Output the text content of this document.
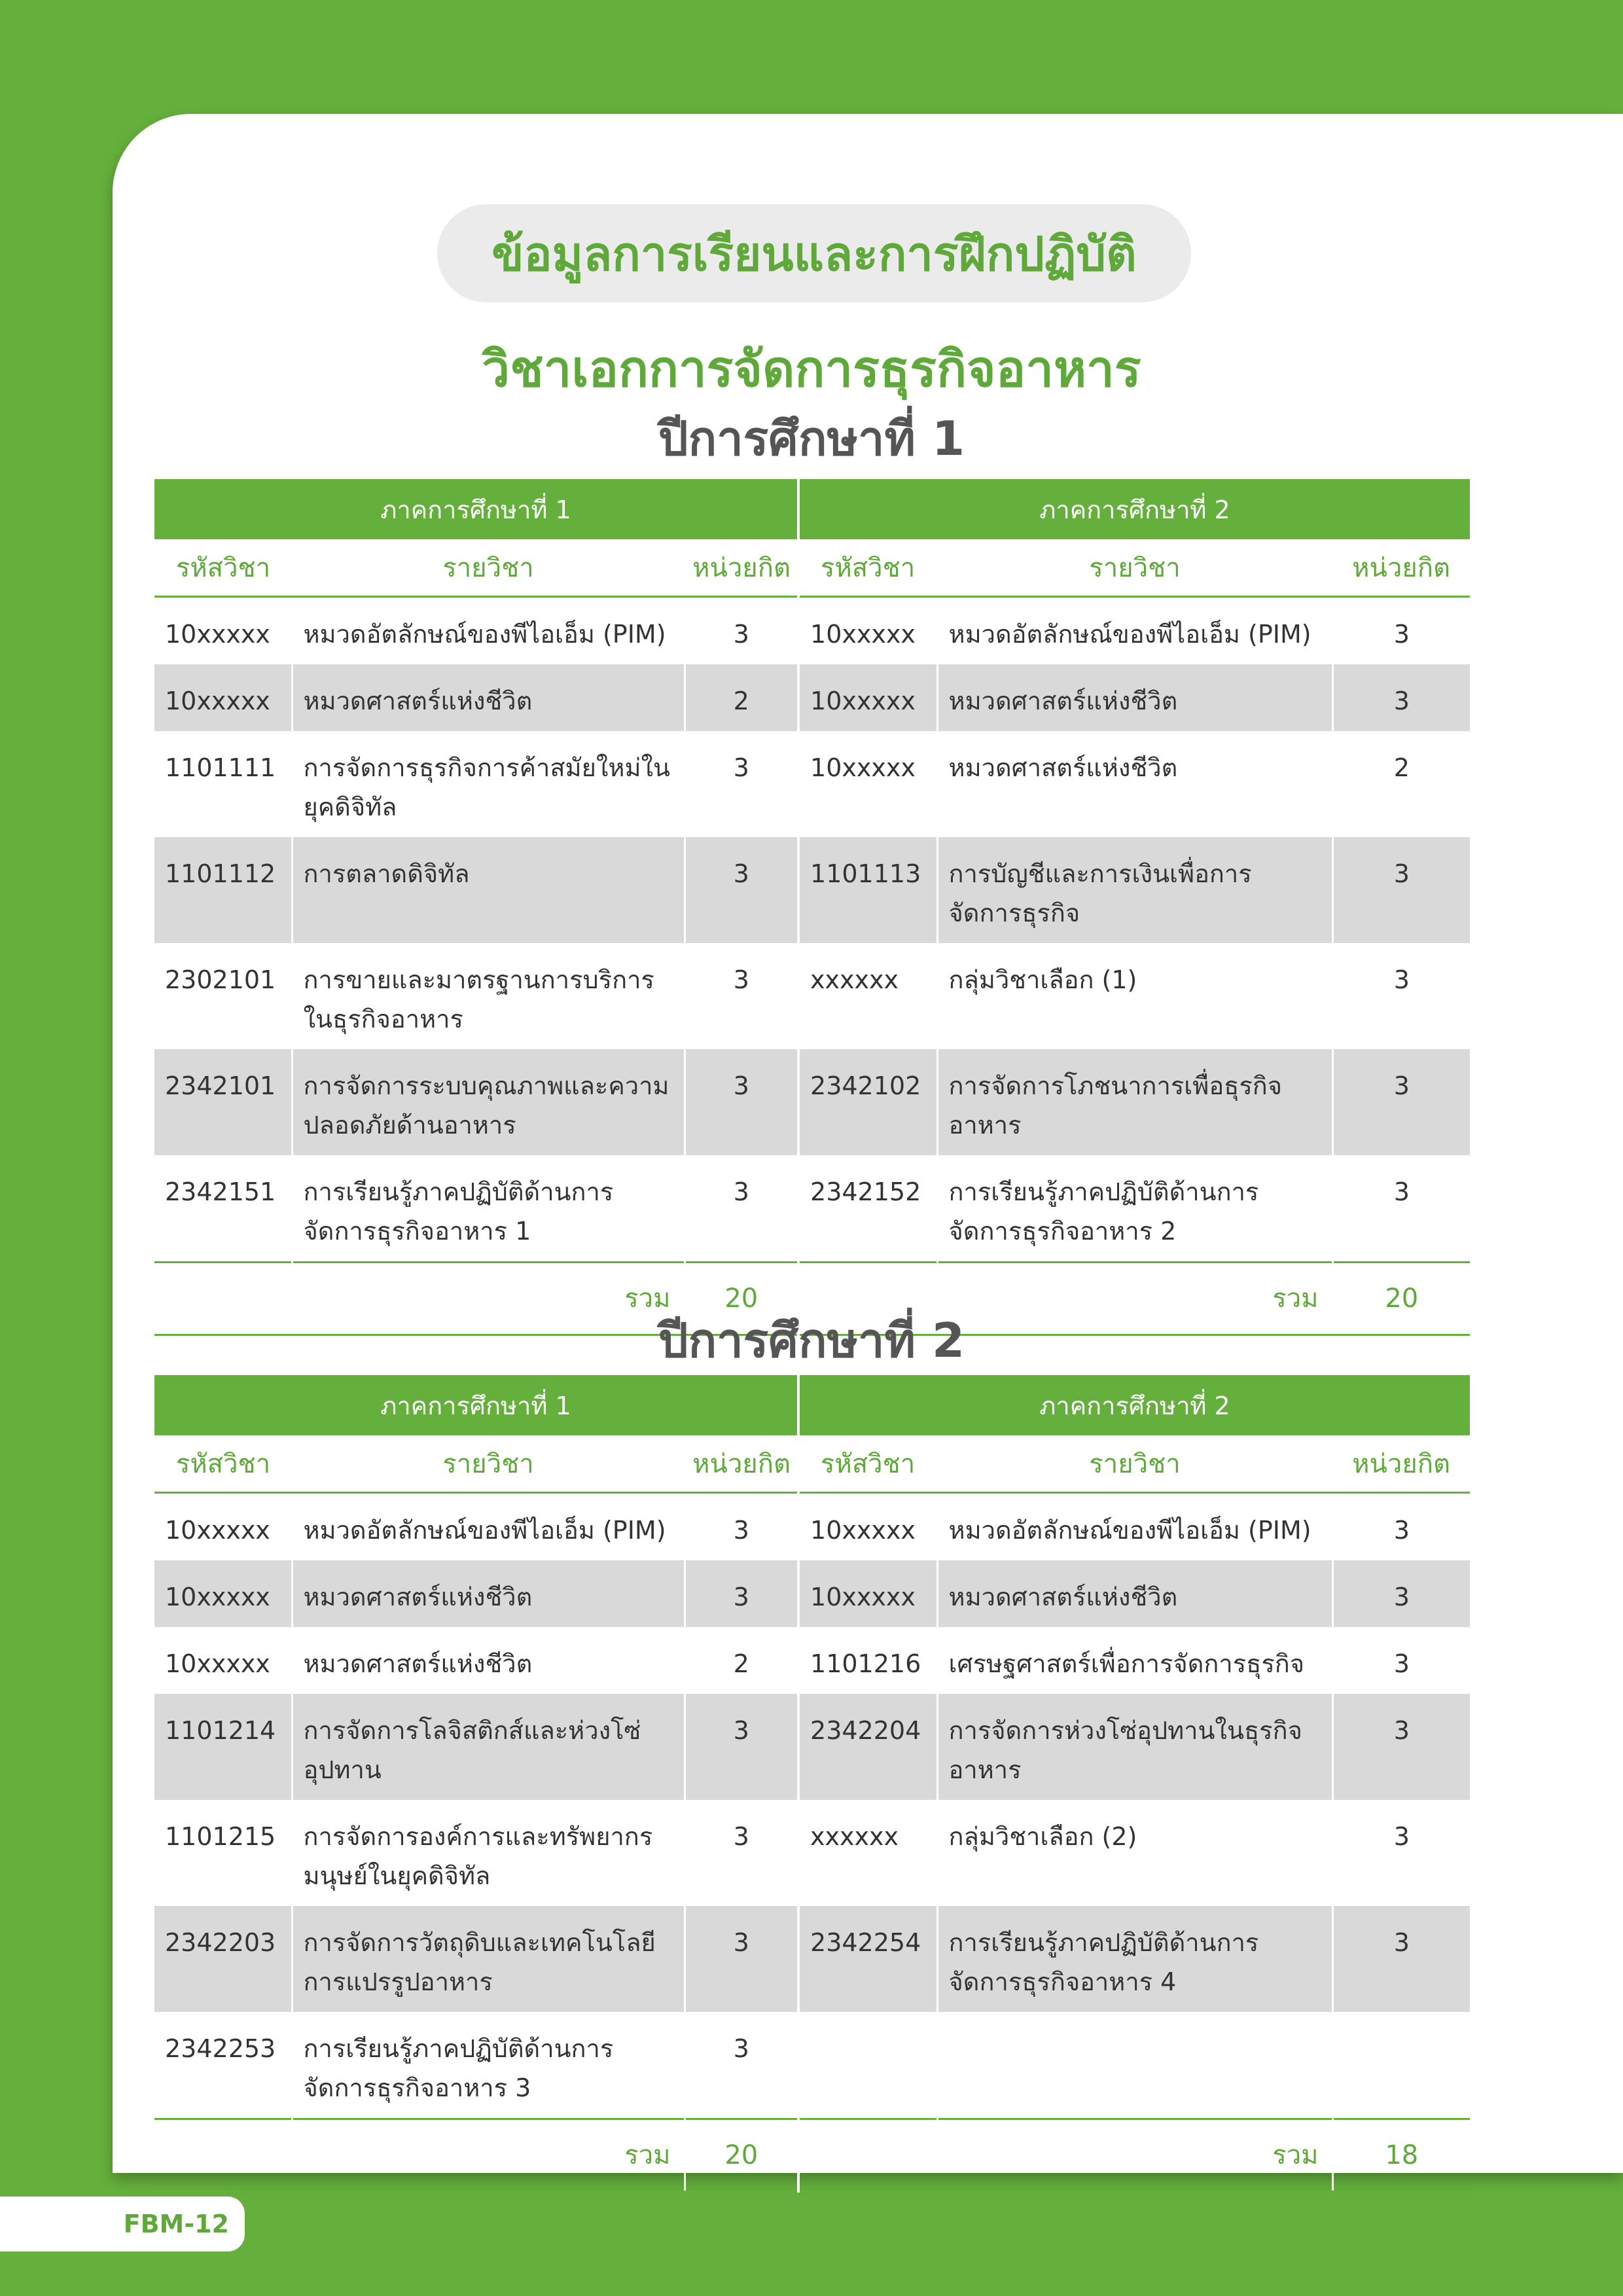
ข้อมูลการเรียนและการฝึกปฏิบัติ
วิชาเอกการจัดการธุรกิจอาหาร
ปีการศึกษาที่ 1
ภาคการศึกษาที่ 1			ภาคการศึกษาที่ 2		
รหัสวิชา	รายวิชา	หน่วยกิต	รหัสวิชา	รายวิชา	หน่วยกิต
10xxxxx	หมวดอัตลักษณ์ของพีไอเอ็ม (PIM)	3	10xxxxx	หมวดอัตลักษณ์ของพีไอเอ็ม (PIM)	3
10xxxxx	หมวดศาสตร์แห่งชีวิต	2	10xxxxx	หมวดศาสตร์แห่งชีวิต	3
1101111	การจัดการธุรกิจการค้าสมัยใหม่ในยุคดิจิทัล	3	10xxxxx	หมวดศาสตร์แห่งชีวิต	2
1101112	การตลาดดิจิทัล	3	1101113	การบัญชีและการเงินเพื่อการจัดการธุรกิจ	3
2302101	การขายและมาตรฐานการบริการในธุรกิจอาหาร	3	xxxxxx	กลุ่มวิชาเลือก (1)	3
2342101	การจัดการระบบคุณภาพและความปลอดภัยด้านอาหาร	3	2342102	การจัดการโภชนาการเพื่อธุรกิจอาหาร	3
2342151	การเรียนรู้ภาคปฏิบัติด้านการจัดการธุรกิจอาหาร 1	3	2342152	การเรียนรู้ภาคปฏิบัติด้านการจัดการธุรกิจอาหาร 2	3
รวม		20	รวม		20
ปีการศึกษาที่ 2
ภาคการศึกษาที่ 1			ภาคการศึกษาที่ 2		
รหัสวิชา	รายวิชา	หน่วยกิต	รหัสวิชา	รายวิชา	หน่วยกิต
10xxxxx	หมวดอัตลักษณ์ของพีไอเอ็ม (PIM)	3	10xxxxx	หมวดอัตลักษณ์ของพีไอเอ็ม (PIM)	3
10xxxxx	หมวดศาสตร์แห่งชีวิต	3	10xxxxx	หมวดศาสตร์แห่งชีวิต	3
10xxxxx	หมวดศาสตร์แห่งชีวิต	2	1101216	เศรษฐศาสตร์เพื่อการจัดการธุรกิจ	3
1101214	การจัดการโลจิสติกส์และห่วงโซ่อุปทาน	3	2342204	การจัดการห่วงโซ่อุปทานในธุรกิจอาหาร	3
1101215	การจัดการองค์การและทรัพยากรมนุษย์ในยุคดิจิทัล	3	xxxxxx	กลุ่มวิชาเลือก (2)	3
2342203	การจัดการวัตถุดิบและเทคโนโลยีการแปรรูปอาหาร	3	2342254	การเรียนรู้ภาคปฏิบัติด้านการจัดการธุรกิจอาหาร 4	3
2342253	การเรียนรู้ภาคปฏิบัติด้านการจัดการธุรกิจอาหาร 3	3			
รวม		20	รวม		18
FBM-12
